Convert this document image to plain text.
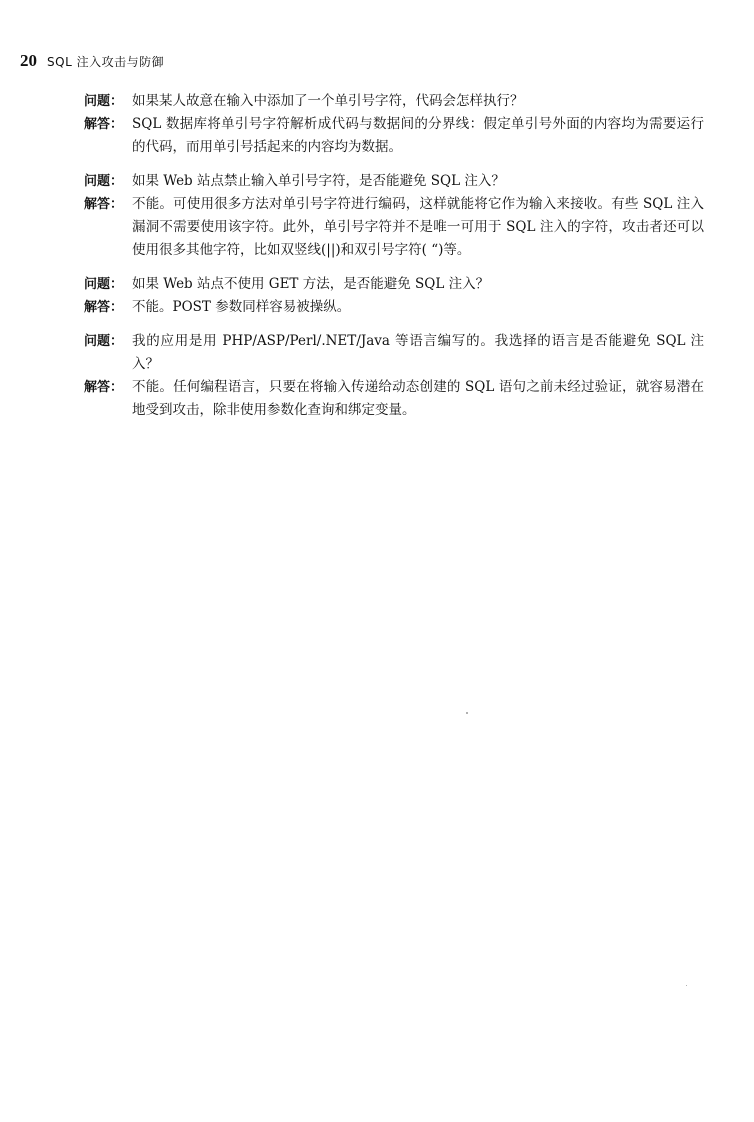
20 SQL 注入攻击与防御
问题： 如果某人故意在输入中添加了一个单引号字符，代码会怎样执行？
解答： SQL 数据库将单引号字符解析成代码与数据间的分界线：假定单引号外面的内容均为需要运行的代码，而用单引号括起来的内容均为数据。
问题： 如果 Web 站点禁止输入单引号字符，是否能避免 SQL 注入？
解答： 不能。可使用很多方法对单引号字符进行编码，这样就能将它作为输入来接收。有些 SQL 注入漏洞不需要使用该字符。此外，单引号字符并不是唯一可用于 SQL 注入的字符，攻击者还可以使用很多其他字符，比如双竖线(||)和双引号字符( “)等。
问题： 如果 Web 站点不使用 GET 方法，是否能避免 SQL 注入？
解答： 不能。POST 参数同样容易被操纵。
问题： 我的应用是用 PHP/ASP/Perl/.NET/Java 等语言编写的。我选择的语言是否能避免 SQL 注入？
解答： 不能。任何编程语言，只要在将输入传递给动态创建的 SQL 语句之前未经过验证，就容易潜在地受到攻击，除非使用参数化查询和绑定变量。
